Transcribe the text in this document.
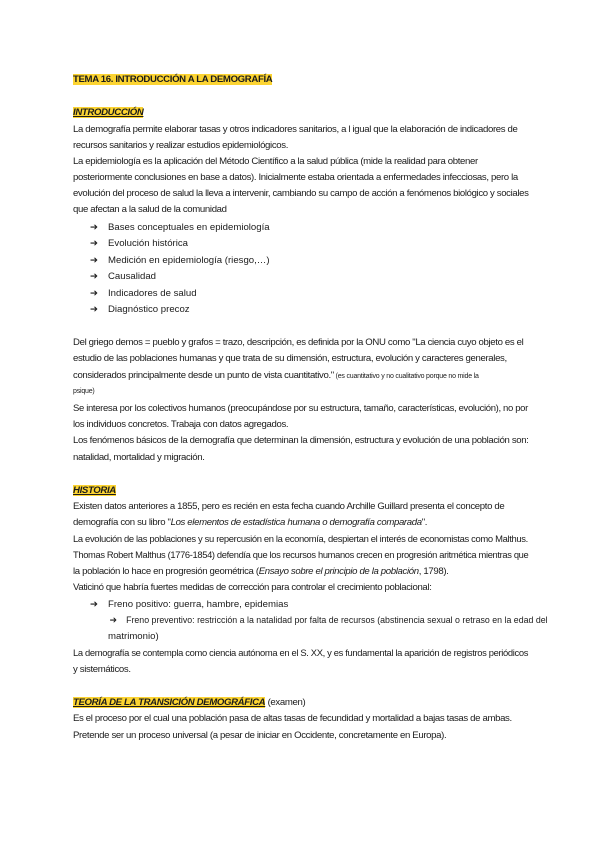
TEMA 16. INTRODUCCIÓN A LA DEMOGRAFÍA
INTRODUCCIÓN
La demografía permite elaborar tasas y otros indicadores sanitarios, a l igual que la elaboración de indicadores de
recursos sanitarios y realizar estudios epidemiológicos.
La epidemiología es la aplicación del Método Científico a la salud pública (mide la realidad para obtener
posteriormente conclusiones en base a datos). Inicialmente estaba orientada a enfermedades infecciosas, pero la
evolución del proceso de salud la lleva a intervenir, cambiando su campo de acción a fenómenos biológico y sociales
que afectan a la salud de la comunidad
➔ Bases conceptuales en epidemiología
➔ Evolución histórica
➔ Medición en epidemiología (riesgo,…)
➔ Causalidad
➔ Indicadores de salud
➔ Diagnóstico precoz
Del griego demos = pueblo y grafos = trazo, descripción, es definida por la ONU como "La ciencia cuyo objeto es el
estudio de las poblaciones humanas y que trata de su dimensión, estructura, evolución y caracteres generales,
considerados principalmente desde un punto de vista cuantitativo." (es cuantitativo y no cualitativo porque no mide la
psique)
Se interesa por los colectivos humanos (preocupándose por su estructura, tamaño, características, evolución), no por
los individuos concretos. Trabaja con datos agregados.
Los fenómenos básicos de la demografía que determinan la dimensión, estructura y evolución de una población son:
natalidad, mortalidad y migración.
HISTORIA
Existen datos anteriores a 1855, pero es recién en esta fecha cuando Archille Guillard presenta el concepto de
demografía con su libro "Los elementos de estadística humana o demografía comparada".
La evolución de las poblaciones y su repercusión en la economía, despiertan el interés de economistas como Malthus.
Thomas Robert Malthus (1776-1854) defendía que los recursos humanos crecen en progresión aritmética mientras que
la población lo hace en progresión geométrica (Ensayo sobre el principio de la población, 1798).
Vaticinó que habría fuertes medidas de corrección para controlar el crecimiento poblacional:
➔ Freno positivo: guerra, hambre, epidemias
➔ Freno preventivo: restricción a la natalidad por falta de recursos (abstinencia sexual o retraso en la edad del
matrimonio)
La demografía se contempla como ciencia autónoma en el S. XX, y es fundamental la aparición de registros periódicos
y sistemáticos.
TEORÍA DE LA TRANSICIÓN DEMOGRÁFICA (examen)
Es el proceso por el cual una población pasa de altas tasas de fecundidad y mortalidad a bajas tasas de ambas.
Pretende ser un proceso universal (a pesar de iniciar en Occidente, concretamente en Europa).
